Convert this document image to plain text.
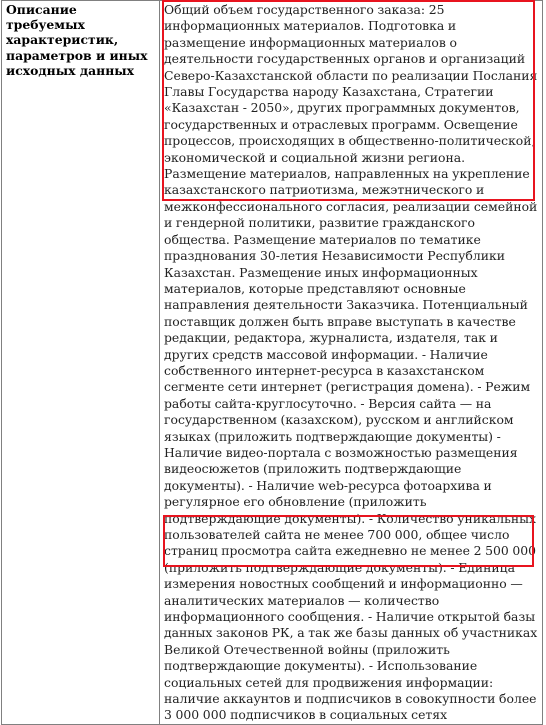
Описание требуемых характеристик, параметров и иных исходных данных

Общий объем государственного заказа: 25 информационных материалов. Подготовка и размещение информационных материалов о деятельности государственных органов и организаций Северо-Казахстанской области по реализации Послания Главы Государства народу Казахстана, Стратегии «Казахстан - 2050», других программных документов, государственных и отраслевых программ. Освещение процессов, происходящих в общественно-политической, экономической и социальной жизни региона. Размещение материалов, направленных на укрепление казахстанского патриотизма, межэтнического и межконфессионального согласия, реализации семейной и гендерной политики, развитие гражданского общества. Размещение материалов по тематике празднования 30-летия Независимости Республики Казахстан. Размещение иных информационных материалов, которые представляют основные направления деятельности Заказчика. Потенциальный поставщик должен быть вправе выступать в качестве редакции, редактора, журналиста, издателя, так и других средств массовой информации. - Наличие собственного интернет-ресурса в казахстанском сегменте сети интернет (регистрация домена). - Режим работы сайта-круглосуточно. - Версия сайта — на государственном (казахском), русском и английском языках (приложить подтверждающие документы) - Наличие видео-портала с возможностью размещения видеосюжетов (приложить подтверждающие документы). - Наличие web-ресурса фотоархива и регулярное его обновление (приложить подтверждающие документы). - Количество уникальных пользователей сайта не менее 700 000, общее число страниц просмотра сайта ежедневно не менее 2 500 000 (приложить подтверждающие документы). - Единица измерения новостных сообщений и информационно — аналитических материалов — количество информационного сообщения. - Наличие открытой базы данных законов РК, а так же базы данных об участниках Великой Отечественной войны (приложить подтверждающие документы). - Использование социальных сетей для продвижения информации: наличие аккаунтов и подписчиков в совокупности более 3 000 000 подписчиков в социальных сетях
